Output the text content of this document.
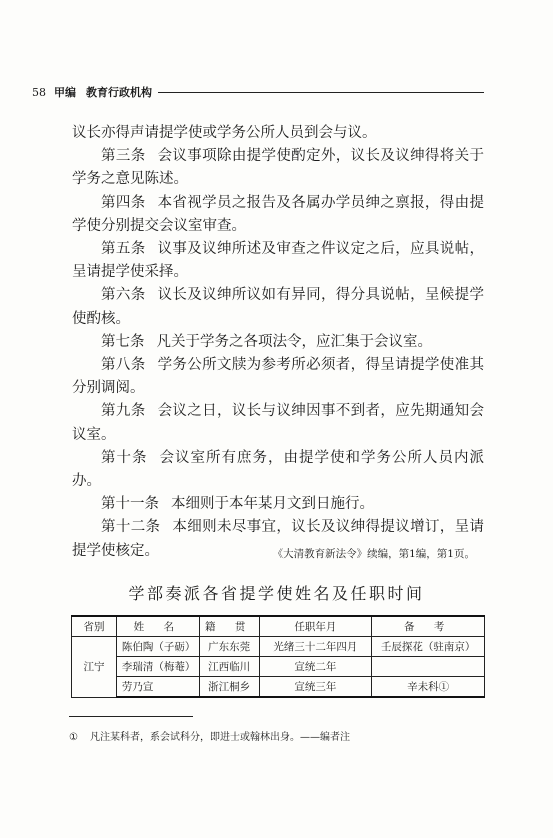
58 甲编 教育行政机构

议长亦得声请提学使或学务公所人员到会与议。

第三条 会议事项除由提学使酌定外，议长及议绅得将关于学务之意见陈述。

第四条 本省视学员之报告及各属办学员绅之禀报，得由提学使分别提交会议室审查。

第五条 议事及议绅所述及审查之件议定之后，应具说帖，呈请提学使采择。

第六条 议长及议绅所议如有异同，得分具说帖，呈候提学使酌核。

第七条 凡关于学务之各项法令，应汇集于会议室。

第八条 学务公所文牍为参考所必须者，得呈请提学使准其分别调阅。

第九条 会议之日，议长与议绅因事不到者，应先期通知会议室。

第十条 会议室所有庶务，由提学使和学务公所人员内派办。

第十一条 本细则于本年某月文到日施行。

第十二条 本细则未尽事宜，议长及议绅得提议增订，呈请提学使核定。	《大清教育新法令》续编，第1编，第1页。
学部奏派各省提学使姓名及任职时间
省别	姓 名	籍 贯	任职年月	备 考
江宁	陈伯陶（子砺）	广东东莞	光绪三十二年四月	壬辰探花（驻南京）
	李瑞清（梅菴）	江西临川	宣统二年	
	劳乃宣	浙江桐乡	宣统三年	辛未科①
① 凡注某科者，系会试科分，即进士或翰林出身。——编者注
